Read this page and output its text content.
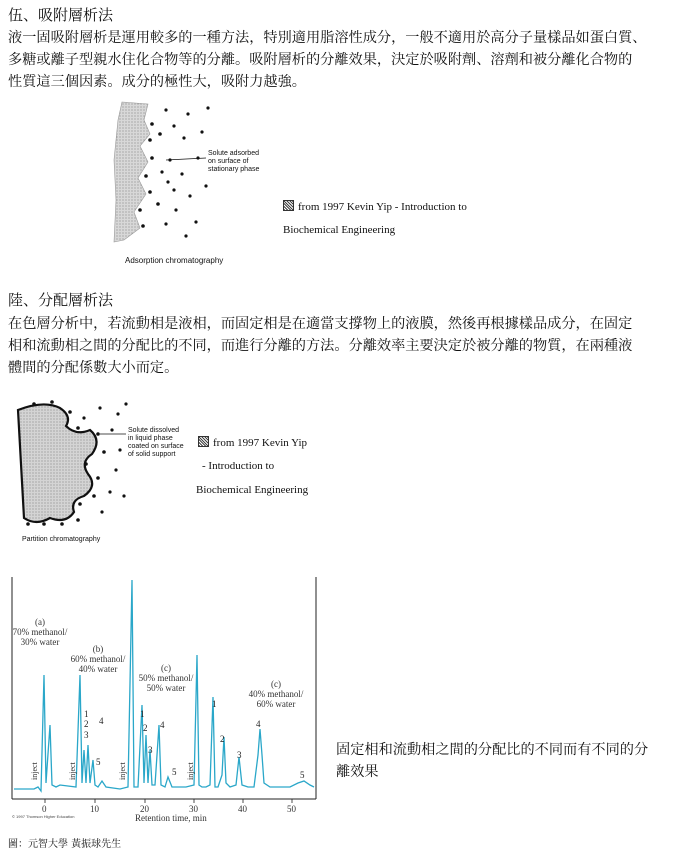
伍、吸附層析法
液一固吸附層析是運用較多的一種方法，特別適用脂溶性成分，一般不適用於高分子量樣品如蛋白質、
多糖或離子型親水住化合物等的分離。吸附層析的分離效果，決定於吸附劑、溶劑和被分離化合物的
性質這三個因素。成分的極性大，吸附力越強。
Solute adsorbed
on surface of
stationary phase
Adsorption chromatography
from 1997 Kevin Yip - Introduction to
Biochemical Engineering
陸、分配層析法
在色層分析中，若流動相是液相，而固定相是在適當支撐物上的液膜，然後再根據樣品成分，在固定
相和流動相之間的分配比的不同，而進行分離的方法。分離效率主要決定於被分離的物質，在兩種液
體間的分配係數大小而定。
Solute dissolved
in liquid phase
coated on surface
of solid support
Partition chromatography
from 1997 Kevin Yip
- Introduction to
Biochemical Engineering
0	10	20	30	40	50
Retention time, min
© 1997 Thomson Higher Education
inject	inject	inject	inject
(a)
70% methanol/
30% water
(b)
60% methanol/
40% water	(c)
50% methanol/
50% water	(c)
40% methanol/
60% water
1
2
3
4
5
1
2
3
4
5
1
2
3
4
5
固定相和流動相之間的分配比的不同而有不同的分
離效果
圖：元智大學 黃振球先生
